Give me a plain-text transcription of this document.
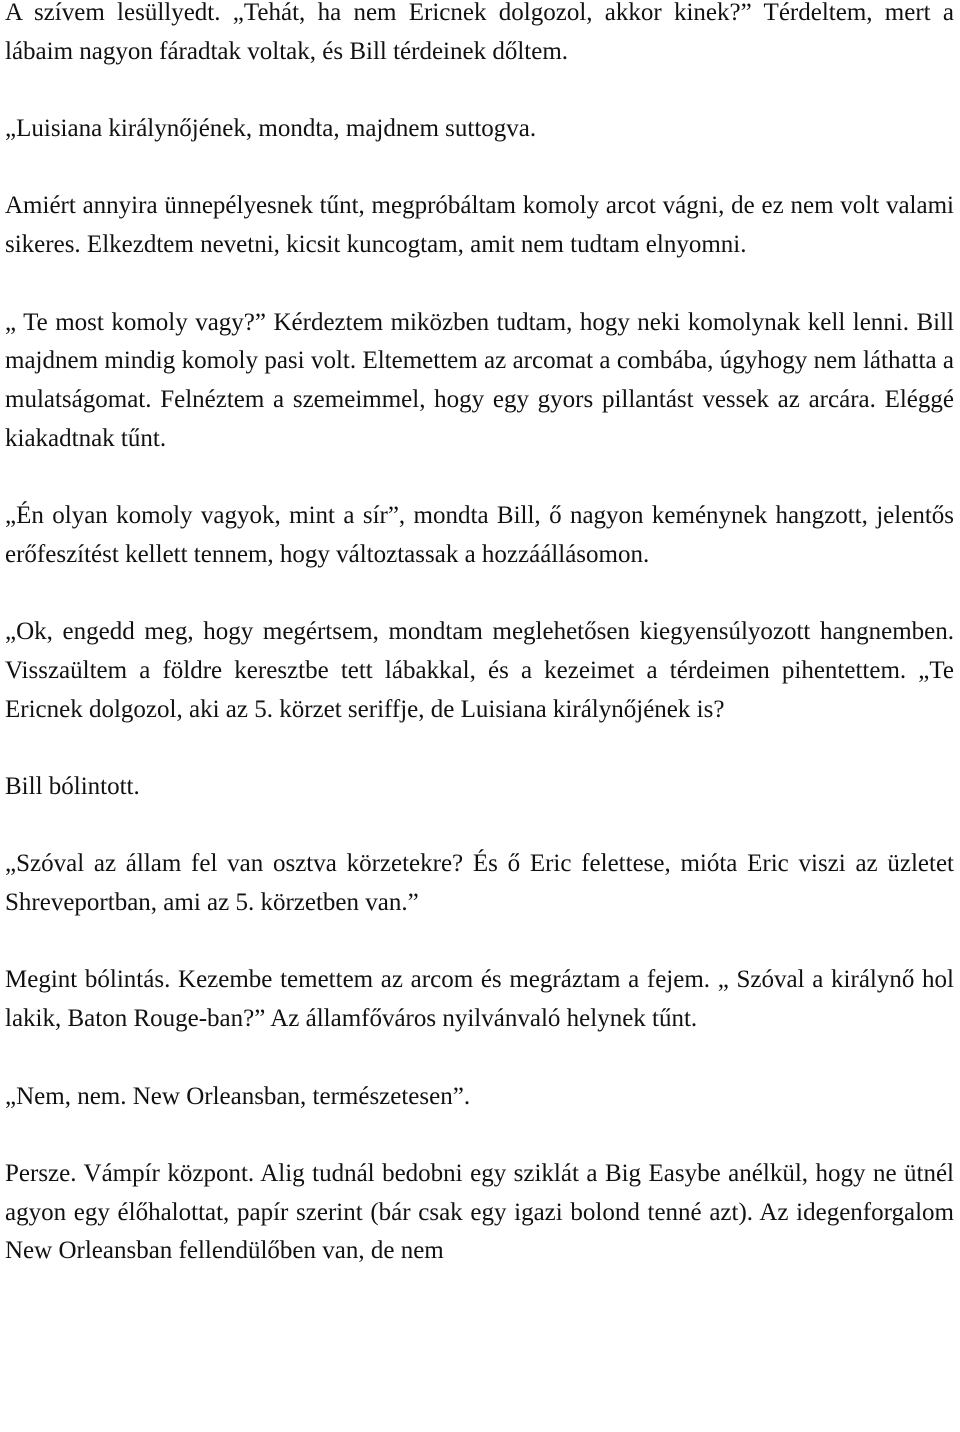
A szívem lesüllyedt. „Tehát, ha nem Ericnek dolgozol, akkor kinek?” Térdeltem, mert a lábaim nagyon fáradtak voltak, és Bill térdeinek dőltem.

„Luisiana királynőjének, mondta, majdnem suttogva.

Amiért annyira ünnepélyesnek tűnt, megpróbáltam komoly arcot vágni, de ez nem volt valami sikeres. Elkezdtem nevetni, kicsit kuncogtam, amit nem tudtam elnyomni.

„ Te most komoly vagy?” Kérdeztem miközben tudtam, hogy neki komolynak kell lenni. Bill majdnem mindig komoly pasi volt. Eltemettem az arcomat a combába, úgyhogy nem láthatta a mulatságomat. Felnéztem a szemeimmel, hogy egy gyors pillantást vessek az arcára. Eléggé kiakadtnak tűnt.

„Én olyan komoly vagyok, mint a sír”, mondta Bill, ő nagyon keménynek hangzott, jelentős erőfeszítést kellett tennem, hogy változtassak a hozzáállásomon.

„Ok, engedd meg, hogy megértsem, mondtam meglehetősen kiegyensúlyozott hangnemben. Visszaültem a földre keresztbe tett lábakkal, és a kezeimet a térdeimen pihentettem. „Te Ericnek dolgozol, aki az 5. körzet seriffje, de Luisiana királynőjének is?

Bill bólintott.

„Szóval az állam fel van osztva körzetekre? És ő Eric felettese, mióta Eric viszi az üzletet Shreveportban, ami az 5. körzetben van.”

Megint bólintás. Kezembe temettem az arcom és megráztam a fejem. „ Szóval a királynő hol lakik, Baton Rouge-ban?” Az államfőváros nyilvánvaló helynek tűnt.

„Nem, nem. New Orleansban, természetesen”.

Persze. Vámpír központ. Alig tudnál bedobni egy sziklát a Big Easybe anélkül, hogy ne ütnél agyon egy élőhalottat, papír szerint (bár csak egy igazi bolond tenné azt). Az idegenforgalom New Orleansban fellendülőben van, de nem
